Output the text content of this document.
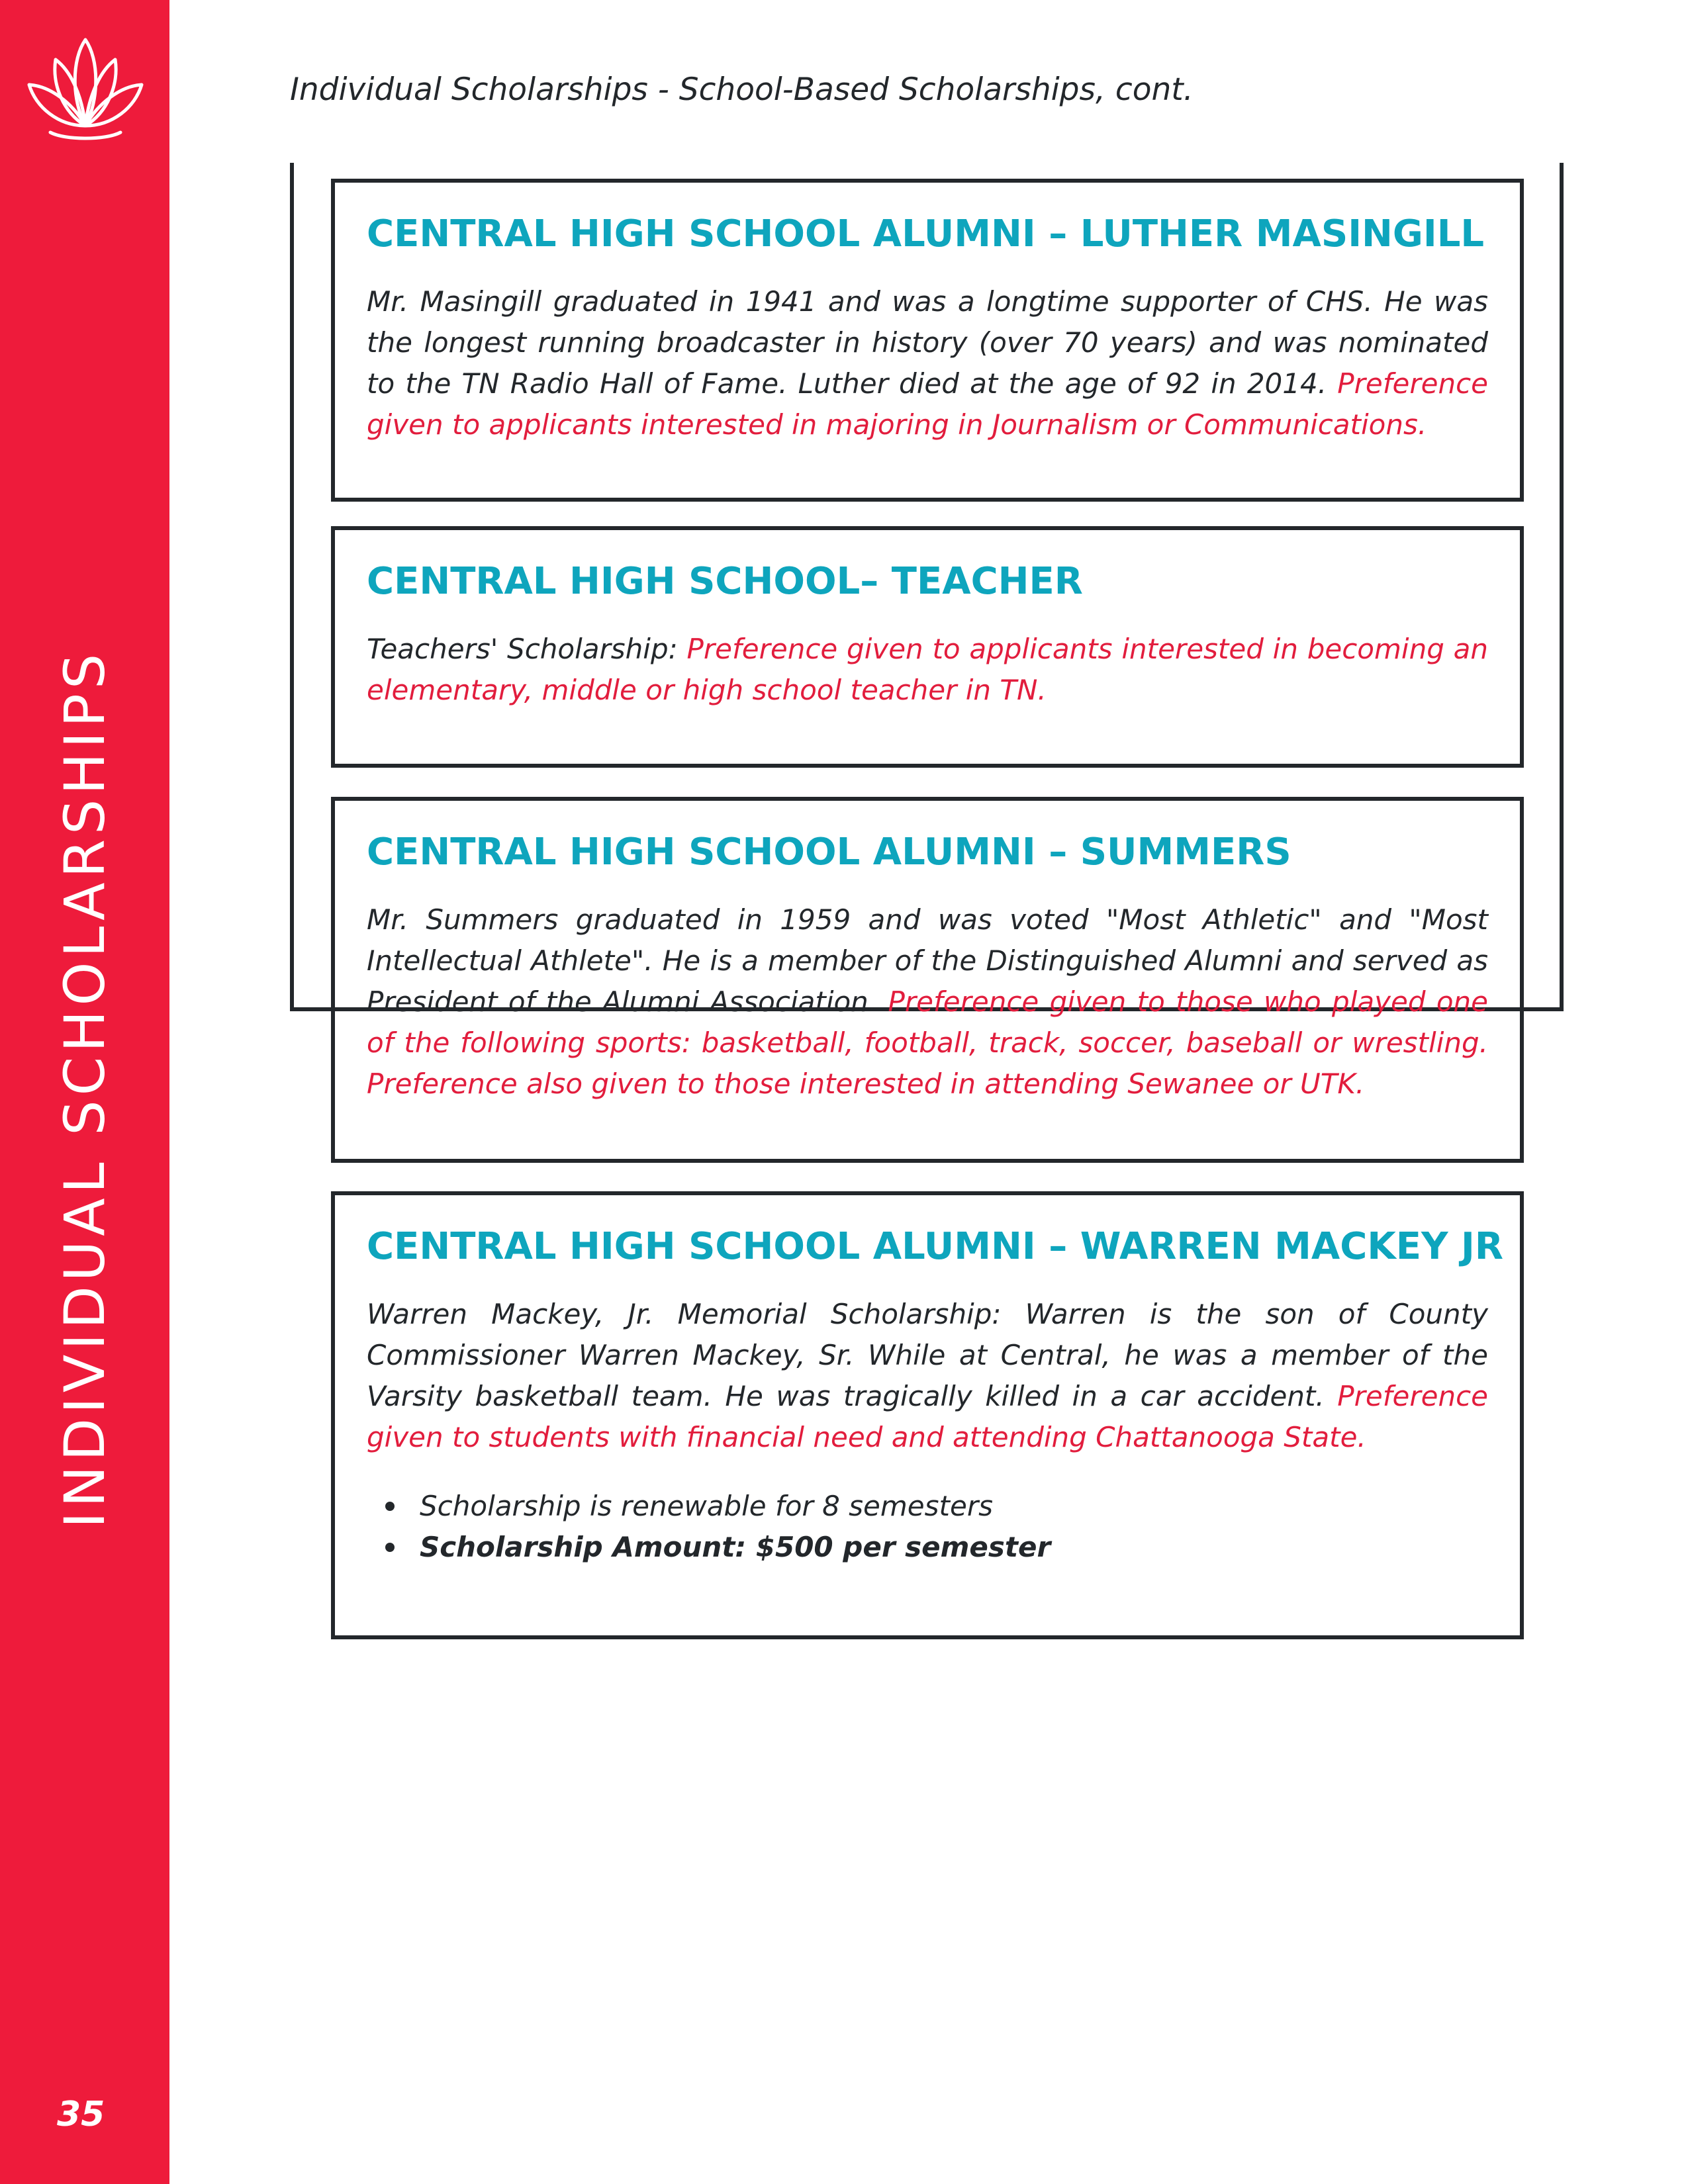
INDIVIDUAL SCHOLARSHIPS
35
Individual Scholarships - School-Based Scholarships, cont.
CENTRAL HIGH SCHOOL ALUMNI – LUTHER MASINGILL
Mr. Masingill graduated in 1941 and was a longtime supporter of CHS. He was the longest running broadcaster in history (over 70 years) and was nominated to the TN Radio Hall of Fame. Luther died at the age of 92 in 2014. Preference given to applicants interested in majoring in Journalism or Communications.
CENTRAL HIGH SCHOOL– TEACHER
Teachers' Scholarship: Preference given to applicants interested in becoming an elementary, middle or high school teacher in TN.
CENTRAL HIGH SCHOOL ALUMNI – SUMMERS
Mr. Summers graduated in 1959 and was voted "Most Athletic" and "Most Intellectual Athlete". He is a member of the Distinguished Alumni and served as President of the Alumni Association. Preference given to those who played one of the following sports: basketball, football, track, soccer, baseball or wrestling. Preference also given to those interested in attending Sewanee or UTK.
CENTRAL HIGH SCHOOL ALUMNI – WARREN MACKEY JR
Warren Mackey, Jr. Memorial Scholarship: Warren is the son of County Commissioner Warren Mackey, Sr. While at Central, he was a member of the Varsity basketball team. He was tragically killed in a car accident. Preference given to students with financial need and attending Chattanooga State.
Scholarship is renewable for 8 semesters
Scholarship Amount: $500 per semester
